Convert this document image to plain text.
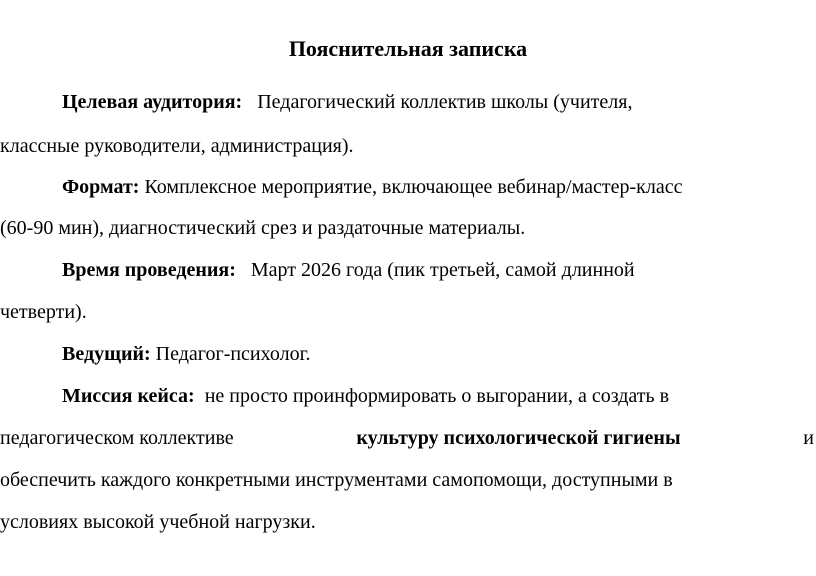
Пояснительная записка
Целевая аудитория: Педагогический коллектив школы (учителя,
классные руководители, администрация).
Формат: Комплексное мероприятие, включающее вебинар/мастер-класс
(60-90 мин), диагностический срез и раздаточные материалы.
Время проведения: Март 2026 года (пик третьей, самой длинной
четверти).
Ведущий: Педагог-психолог.
Миссия кейса: не просто проинформировать о выгорании, а создать в
педагогическом коллективе	культуру психологической гигиены	и
обеспечить каждого конкретными инструментами самопомощи, доступными в
условиях высокой учебной нагрузки.
